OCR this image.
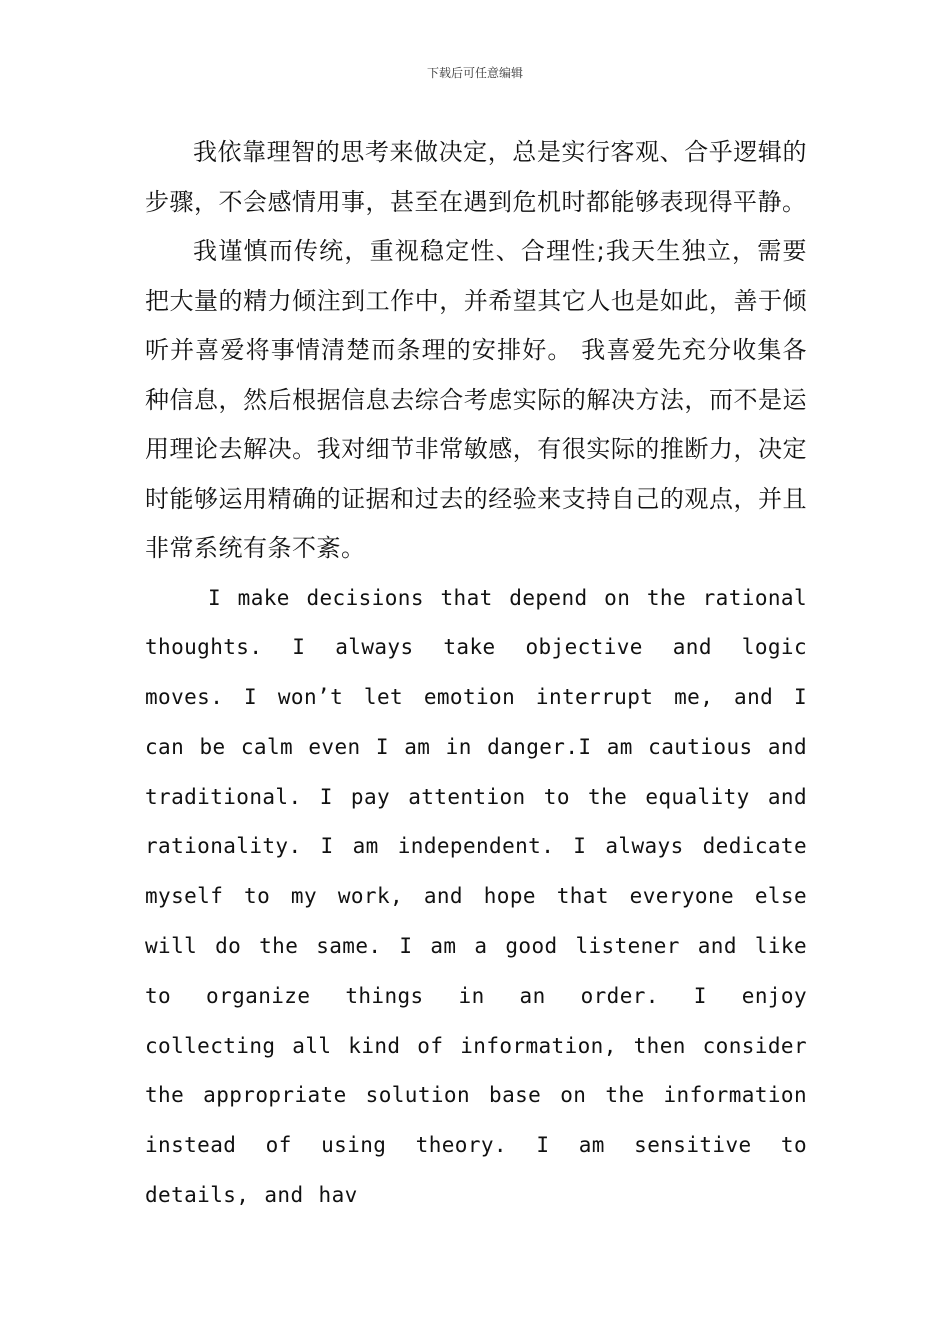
下载后可任意编辑

我依靠理智的思考来做决定，总是实行客观、合乎逻辑的步骤，不会感情用事，甚至在遇到危机时都能够表现得平静。

我谨慎而传统，重视稳定性、合理性;我天生独立，需要把大量的精力倾注到工作中，并希望其它人也是如此，善于倾听并喜爱将事情清楚而条理的安排好。 我喜爱先充分收集各种信息，然后根据信息去综合考虑实际的解决方法，而不是运用理论去解决。我对细节非常敏感，有很实际的推断力，决定时能够运用精确的证据和过去的经验来支持自己的观点，并且非常系统有条不紊。

I make decisions that depend on the rational thoughts. I always take objective and logic moves. I won’t let emotion interrupt me, and I can be calm even I am in danger.I am cautious and traditional. I pay attention to the equality and rationality. I am independent. I always dedicate myself to my work, and hope that everyone else will do the same. I am a good listener and like to organize things in an order. I enjoy collecting all kind of information, then consider the appropriate solution base on the information instead of using theory. I am sensitive to details, and hav
